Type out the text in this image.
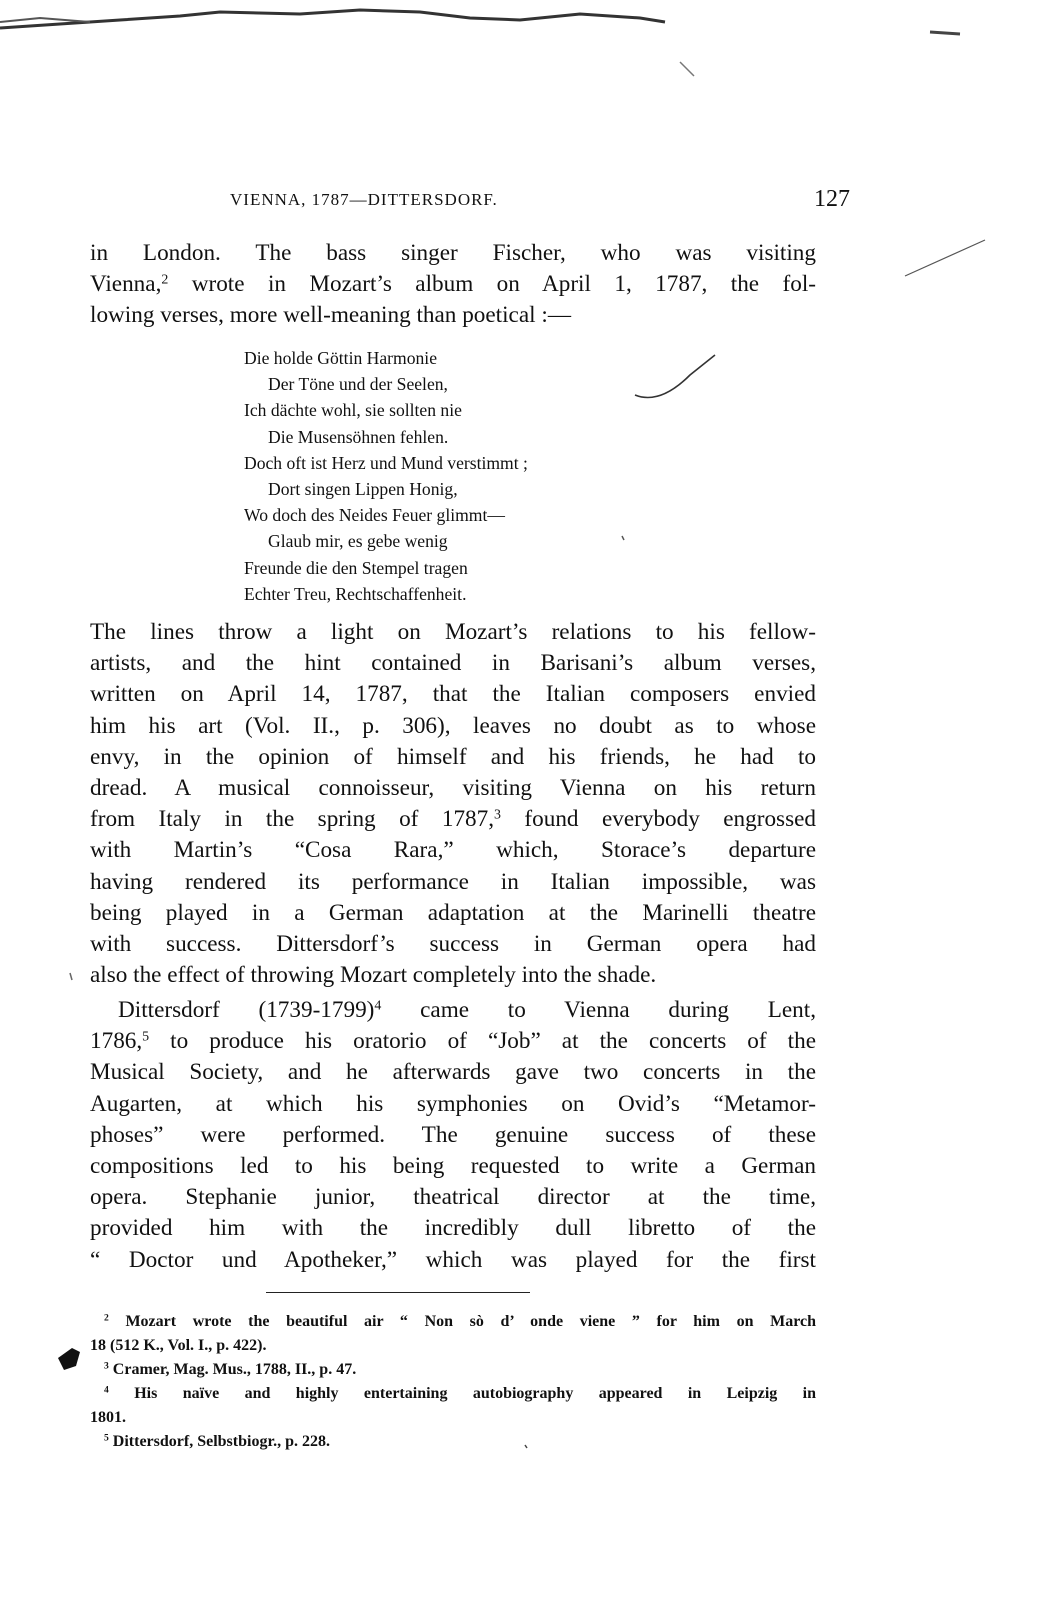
VIENNA, 1787—DITTERSDORF.	127
in London. The bass singer Fischer, who was visiting
Vienna,$^2$ wrote in Mozart’s album on April 1, 1787, the fol-
lowing verses, more well-meaning than poetical :—
Die holde Göttin Harmonie
Der Töne und der Seelen,
Ich dächte wohl, sie sollten nie
Die Musensöhnen fehlen.
Doch oft ist Herz und Mund verstimmt ;
Dort singen Lippen Honig,
Wo doch des Neides Feuer glimmt—
Glaub mir, es gebe wenig
Freunde die den Stempel tragen
Echter Treu, Rechtschaffenheit.
The lines throw a light on Mozart’s relations to his fellow-
artists, and the hint contained in Barisani’s album verses,
written on April 14, 1787, that the Italian composers envied
him his art (Vol. II., p. 306), leaves no doubt as to whose
envy, in the opinion of himself and his friends, he had to
dread. A musical connoisseur, visiting Vienna on his return
from Italy in the spring of 1787,$^3$ found everybody engrossed
with Martin’s “Cosa Rara,” which, Storace’s departure
having rendered its performance in Italian impossible, was
being played in a German adaptation at the Marinelli theatre
with success. Dittersdorf’s success in German opera had
also the effect of throwing Mozart completely into the shade.
Dittersdorf (1739-1799)$^4$ came to Vienna during Lent,
1786,$^5$ to produce his oratorio of “Job” at the concerts of the
Musical Society, and he afterwards gave two concerts in the
Augarten, at which his symphonies on Ovid’s “Metamor-
phoses” were performed. The genuine success of these
compositions led to his being requested to write a German
opera. Stephanie junior, theatrical director at the time,
provided him with the incredibly dull libretto of the
“ Doctor und Apotheker,” which was played for the first
$^2$ Mozart wrote the beautiful air “ Non sò d’ onde viene ” for him on March
18 (512 K., Vol. I., p. 422).
$^3$ Cramer, Mag. Mus., 1788, II., p. 47.
$^4$ His naïve and highly entertaining autobiography appeared in Leipzig in
1801.
$^5$ Dittersdorf, Selbstbiogr., p. 228.
